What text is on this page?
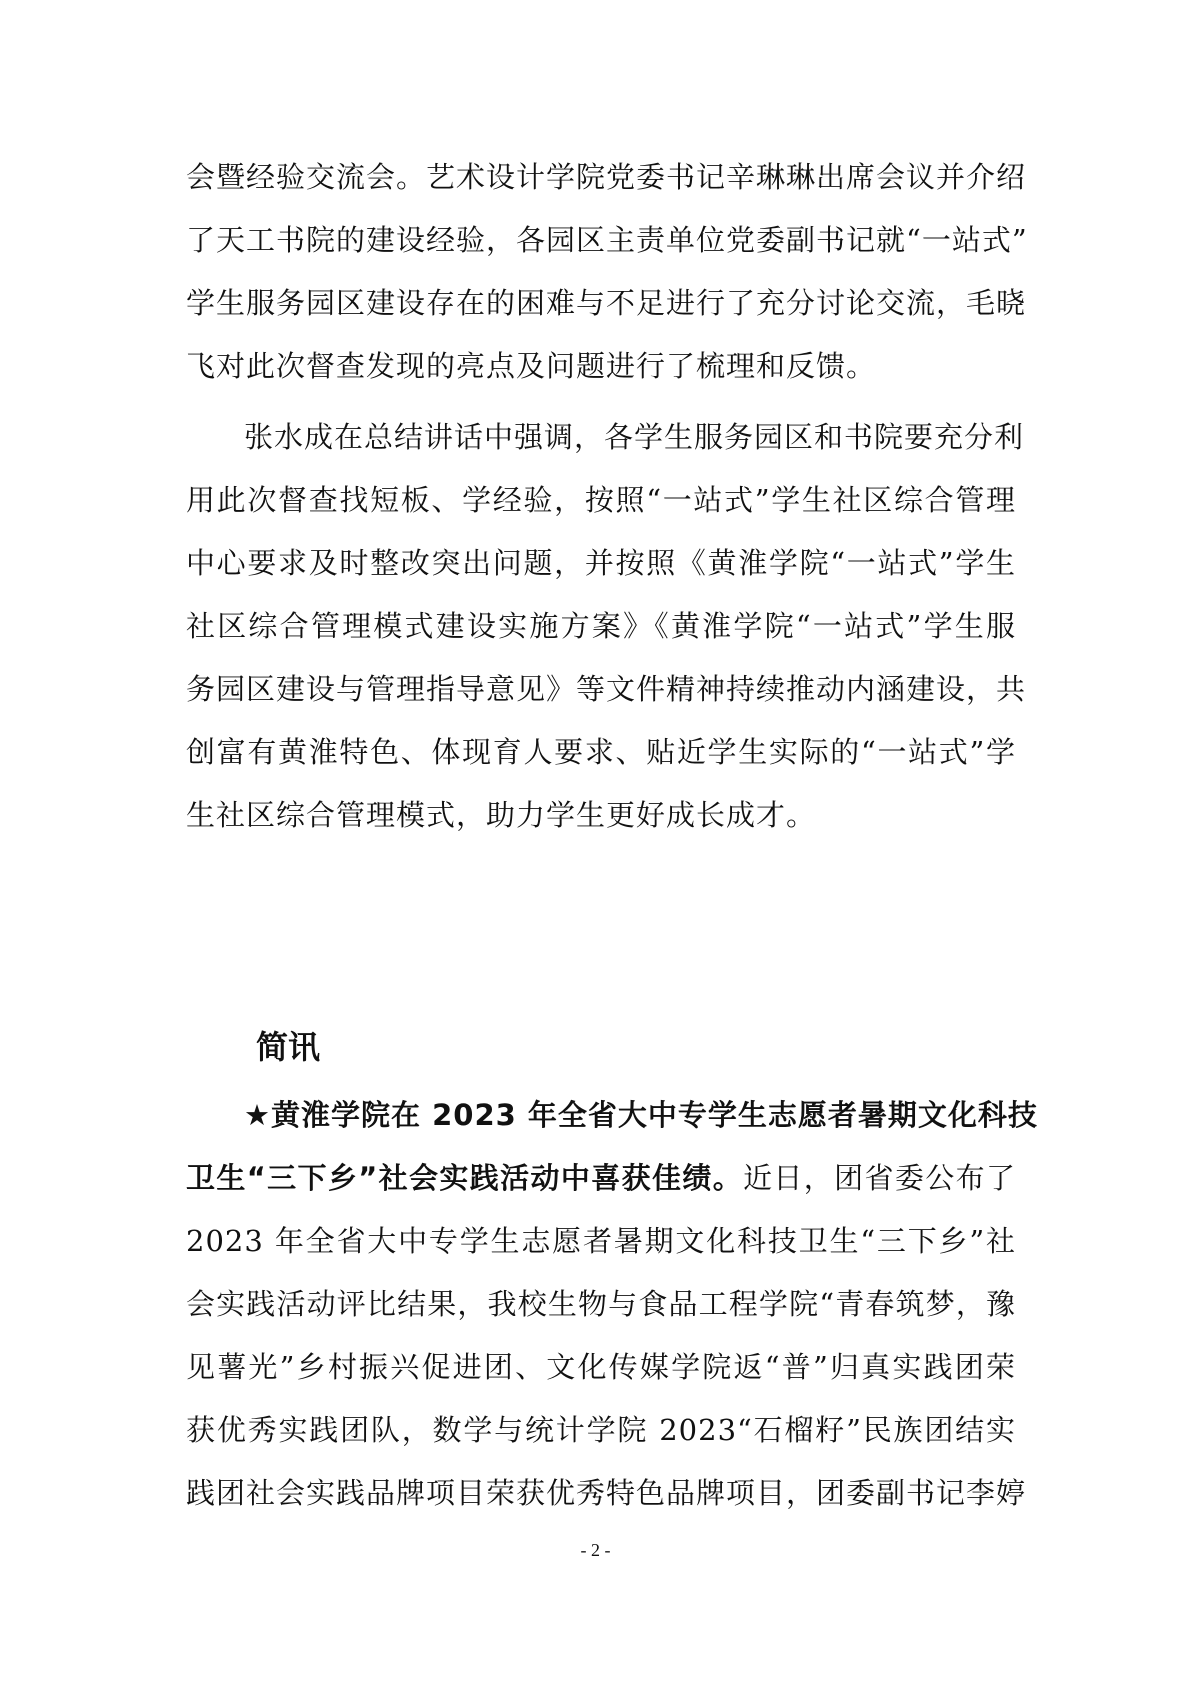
会暨经验交流会。艺术设计学院党委书记辛琳琳出席会议并介绍
了天工书院的建设经验，各园区主责单位党委副书记就“一站式”
学生服务园区建设存在的困难与不足进行了充分讨论交流，毛晓
飞对此次督查发现的亮点及问题进行了梳理和反馈。
张水成在总结讲话中强调，各学生服务园区和书院要充分利
用此次督查找短板、学经验，按照“一站式”学生社区综合管理
中心要求及时整改突出问题，并按照《黄淮学院“一站式”学生
社区综合管理模式建设实施方案》《黄淮学院“一站式”学生服
务园区建设与管理指导意见》等文件精神持续推动内涵建设，共
创富有黄淮特色、体现育人要求、贴近学生实际的“一站式”学
生社区综合管理模式，助力学生更好成长成才。
简讯
★黄淮学院在 2023 年全省大中专学生志愿者暑期文化科技
卫生“三下乡”社会实践活动中喜获佳绩。近日，团省委公布了
2023 年全省大中专学生志愿者暑期文化科技卫生“三下乡”社
会实践活动评比结果，我校生物与食品工程学院“青春筑梦，豫
见薯光”乡村振兴促进团、文化传媒学院返“普”归真实践团荣
获优秀实践团队，数学与统计学院 2023“石榴籽”民族团结实
践团社会实践品牌项目荣获优秀特色品牌项目，团委副书记李婷
- 2 -
